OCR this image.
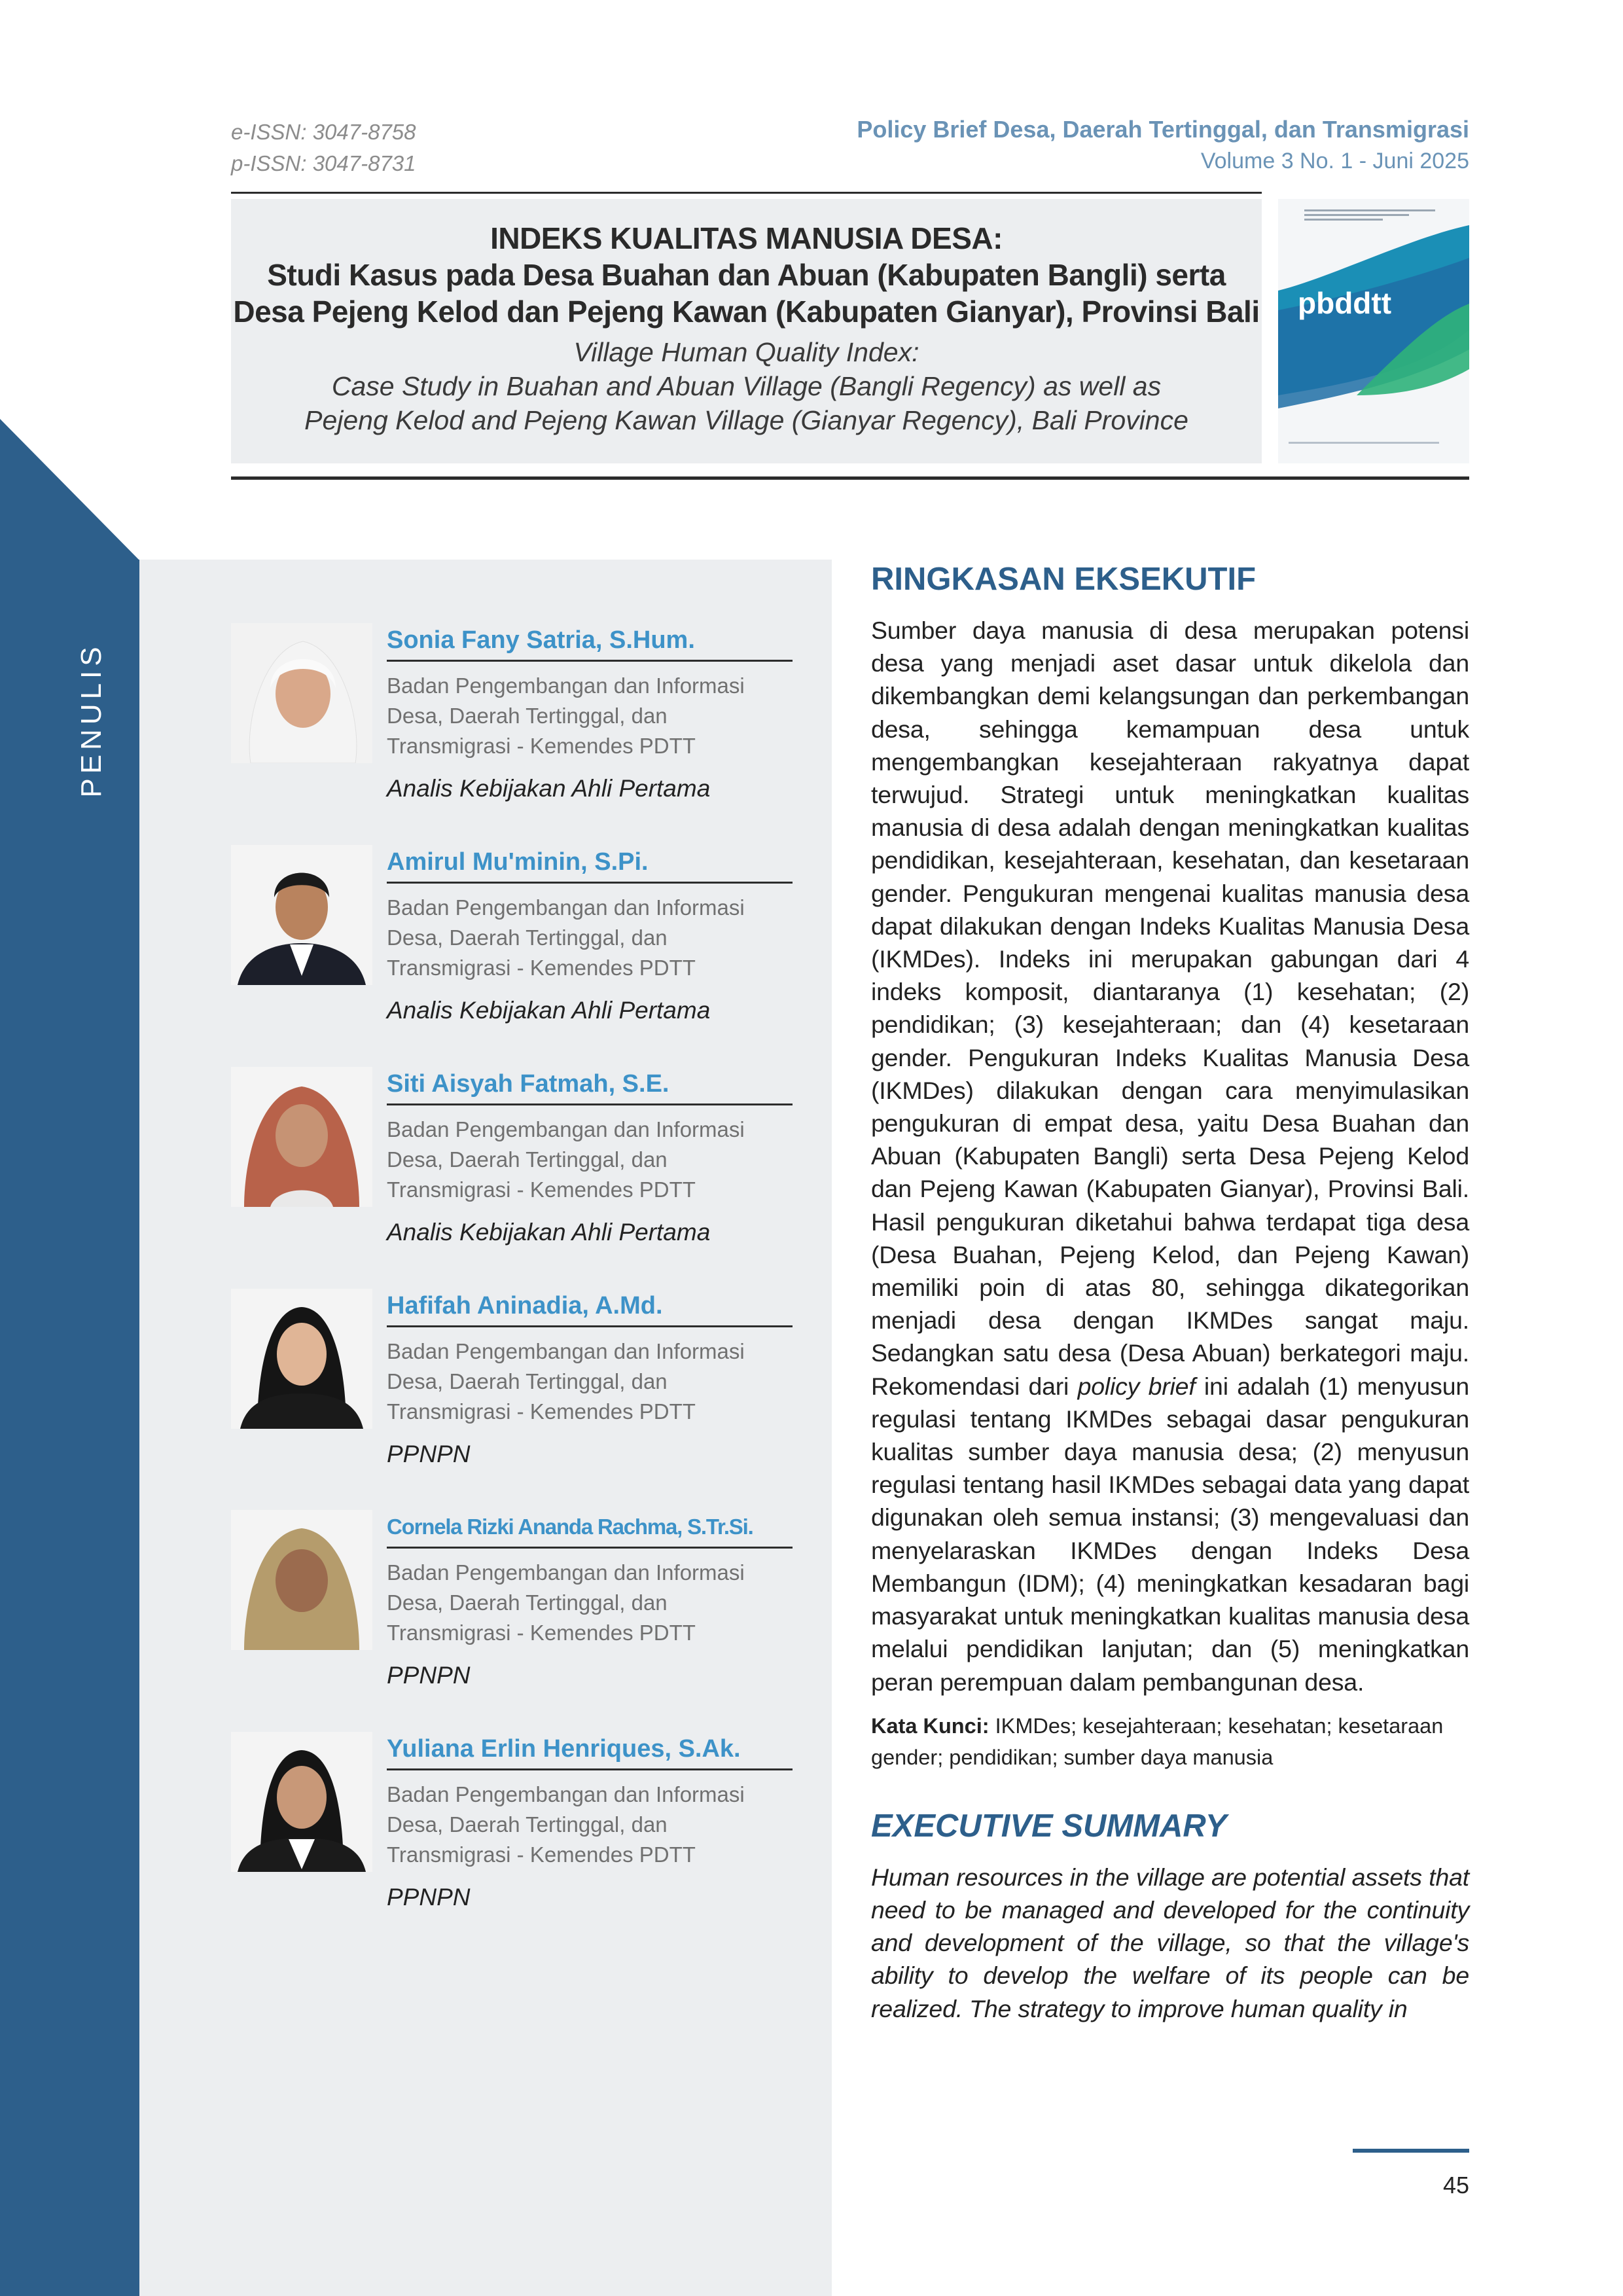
e-ISSN: 3047-8758
p-ISSN: 3047-8731
Policy Brief Desa, Daerah Tertinggal, dan Transmigrasi
Volume 3 No. 1 - Juni 2025
INDEKS KUALITAS MANUSIA DESA:
Studi Kasus pada Desa Buahan dan Abuan (Kabupaten Bangli) serta
Desa Pejeng Kelod dan Pejeng Kawan (Kabupaten Gianyar), Provinsi Bali
Village Human Quality Index:
Case Study in Buahan and Abuan Village (Bangli Regency) as well as
Pejeng Kelod and Pejeng Kawan Village (Gianyar Regency), Bali Province
pbddtt
PENULIS
Sonia Fany Satria, S.Hum.
Badan Pengembangan dan Informasi
Desa, Daerah Tertinggal, dan
Transmigrasi - Kemendes PDTT
Analis Kebijakan Ahli Pertama
Amirul Mu'minin, S.Pi.
Badan Pengembangan dan Informasi
Desa, Daerah Tertinggal, dan
Transmigrasi - Kemendes PDTT
Analis Kebijakan Ahli Pertama
Siti Aisyah Fatmah, S.E.
Badan Pengembangan dan Informasi
Desa, Daerah Tertinggal, dan
Transmigrasi - Kemendes PDTT
Analis Kebijakan Ahli Pertama
Hafifah Aninadia, A.Md.
Badan Pengembangan dan Informasi
Desa, Daerah Tertinggal, dan
Transmigrasi - Kemendes PDTT
PPNPN
Cornela Rizki Ananda Rachma, S.Tr.Si.
Badan Pengembangan dan Informasi
Desa, Daerah Tertinggal, dan
Transmigrasi - Kemendes PDTT
PPNPN
Yuliana Erlin Henriques, S.Ak.
Badan Pengembangan dan Informasi
Desa, Daerah Tertinggal, dan
Transmigrasi - Kemendes PDTT
PPNPN
RINGKASAN EKSEKUTIF

Sumber daya manusia di desa merupakan potensi desa yang menjadi aset dasar untuk dikelola dan dikembangkan demi kelangsungan dan perkembangan desa, sehingga kemampuan desa untuk mengembangkan kesejahteraan rakyatnya dapat terwujud. Strategi untuk meningkatkan kualitas manusia di desa adalah dengan meningkatkan kualitas pendidikan, kesejahteraan, kesehatan, dan kesetaraan gender. Pengukuran mengenai kualitas manusia desa dapat dilakukan dengan Indeks Kualitas Manusia Desa (IKMDes). Indeks ini merupakan gabungan dari 4 indeks komposit, diantaranya (1) kesehatan; (2) pendidikan; (3) kesejahteraan; dan (4) kesetaraan gender. Pengukuran Indeks Kualitas Manusia Desa (IKMDes) dilakukan dengan cara menyimulasikan pengukuran di empat desa, yaitu Desa Buahan dan Abuan (Kabupaten Bangli) serta Desa Pejeng Kelod dan Pejeng Kawan (Kabupaten Gianyar), Provinsi Bali. Hasil pengukuran diketahui bahwa terdapat tiga desa (Desa Buahan, Pejeng Kelod, dan Pejeng Kawan) memiliki poin di atas 80, sehingga dikategorikan menjadi desa dengan IKMDes sangat maju. Sedangkan satu desa (Desa Abuan) berkategori maju. Rekomendasi dari policy brief ini adalah (1) menyusun regulasi tentang IKMDes sebagai dasar pengukuran kualitas sumber daya manusia desa; (2) menyusun regulasi tentang hasil IKMDes sebagai data yang dapat digunakan oleh semua instansi; (3) mengevaluasi dan menyelaraskan IKMDes dengan Indeks Desa Membangun (IDM); (4) meningkatkan kesadaran bagi masyarakat untuk meningkatkan kualitas manusia desa melalui pendidikan lanjutan; dan (5) meningkatkan peran perempuan dalam pembangunan desa.

Kata Kunci: IKMDes; kesejahteraan; kesehatan; kesetaraan gender; pendidikan; sumber daya manusia
EXECUTIVE SUMMARY

Human resources in the village are potential assets that need to be managed and developed for the continuity and development of the village, so that the village's ability to develop the welfare of its people can be realized. The strategy to improve human quality in

45
